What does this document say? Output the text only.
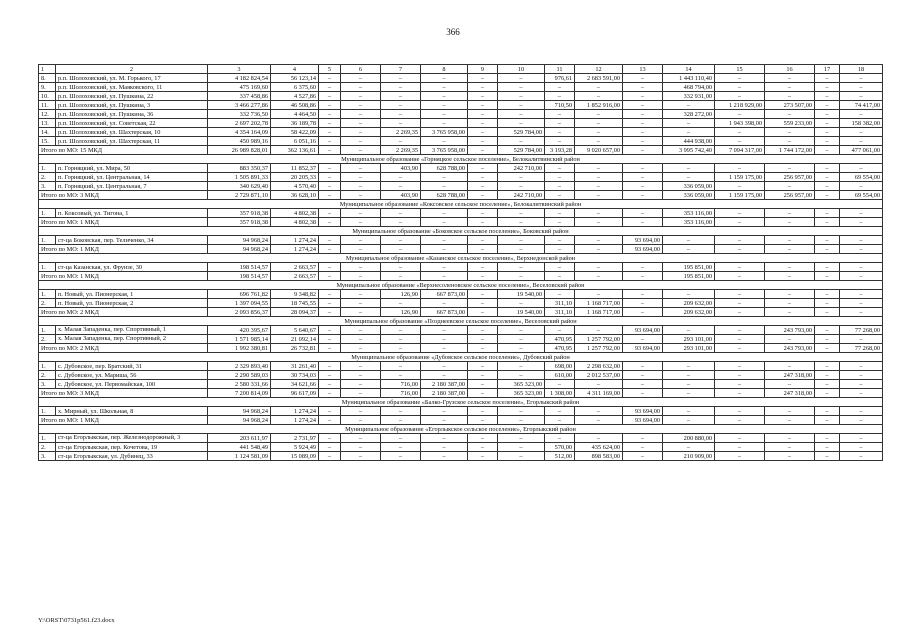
366
1	2	3	4	5	6	7	8	9	10	11	12	13	14	15	16	17	18
8.	р.п. Шолоховский, ул. М. Горького, 17	4 182 824,54	56 123,14	–	–	–	–	–	–	976,61	2 683 591,00	–	1 443 110,40	–	–	–	–
9.	р.п. Шолоховский, ул. Маяковского, 11	475 169,60	6 375,60	–	–	–	–	–	–	–	–	–	468 794,00	–	–	–	–
10.	р.п. Шолоховский, ул. Пушкина, 22	337 458,86	4 527,86	–	–	–	–	–	–	–	–	–	332 931,00	–	–	–	–
11.	р.п. Шолоховский, ул. Пушкина, 3	3 466 277,86	46 508,86	–	–	–	–	–	–	710,50	1 852 916,00	–	–	1 218 929,00	273 507,00	–	74 417,00
12.	р.п. Шолоховский, ул. Пушкина, 36	332 736,50	4 464,50	–	–	–	–	–	–	–	–	–	328 272,00	–	–	–	–
13.	р.п. Шолоховский, ул. Советская, 22	2 697 202,78	36 189,78	–	–	–	–	–	–	–	–	–	–	1 943 398,00	559 233,00	–	158 382,00
14.	р.п. Шолоховский, ул. Шахтерская, 10	4 354 164,09	58 422,09	–	–	2 269,35	3 765 958,00	–	529 784,00	–	–	–	–	–	–	–	–
15.	р.п. Шолоховский, ул. Шахтерская, 11	450 989,16	6 051,16	–	–	–	–	–	–	–	–	–	444 938,00	–	–	–	–
Итого по МО: 15 МКД		26 989 828,01	362 136,61	–	–	2 269,35	3 765 958,00	–	529 784,00	3 193,28	9 020 657,00	–	3 995 742,40	7 094 317,00	1 744 172,00	–	477 061,00
Муниципальное образование «Горняцкое сельское поселение», Белокалитвинский район																	
1.	п. Горняцкий, ул. Мира, 50	883 350,37	11 852,37	–	–	403,90	628 788,00	–	242 710,00	–	–	–	–	–	–	–	–
2.	п. Горняцкий, ул. Центральная, 14	1 505 891,33	20 205,33	–	–	–	–	–	–	–	–	–	–	1 159 175,00	256 957,00	–	69 554,00
3.	п. Горняцкий, ул. Центральная, 7	340 629,40	4 570,40	–	–	–	–	–	–	–	–	–	336 059,00	–	–	–	–
Итого по МО: 3 МКД		2 729 871,10	36 628,10	–	–	403,90	628 788,00	–	242 710,00	–	–	–	336 059,00	1 159 175,00	256 957,00	–	69 554,00
Муниципальное образование «Коксовское сельское поселение», Белокалитвинский район																	
1.	п. Коксовый, ул. Тигона, 1	357 918,38	4 802,38	–	–	–	–	–	–	–	–	–	353 116,00	–	–	–	–
Итого по МО: 1 МКД		357 918,38	4 802,38	–	–	–	–	–	–	–	–	–	353 116,00	–	–	–	–
Муниципальное образование «Боковское сельское поселение», Боковский район																	
1.	ст-ца Боковская, пер. Теличенко, 34	94 968,24	1 274,24	–	–	–	–	–	–	–	–	93 694,00	–	–	–	–	–
Итого по МО: 1 МКД		94 968,24	1 274,24	–	–	–	–	–	–	–	–	93 694,00	–	–	–	–	–
Муниципальное образование «Казанское сельское поселение», Верхнедонской район																	
1.	ст-ца Казанская, ул. Фрунзе, 30	198 514,57	2 663,57	–	–	–	–	–	–	–	–	–	195 851,00	–	–	–	–
Итого по МО: 1 МКД		198 514,57	2 663,57	–	–	–	–	–	–	–	–	–	195 851,00	–	–	–	–
Муниципальное образование «Верхнесоленовское сельское поселение», Веселовский район																	
1.	п. Новый, ул. Пионерская, 1	696 761,82	9 348,82	–	–	126,90	667 873,00	–	19 540,00	–	–	–	–	–	–	–	–
2.	п. Новый, ул. Пионерская, 2	1 397 094,55	18 745,55	–	–	–	–	–	–	311,10	1 168 717,00	–	209 632,00	–	–	–	–
Итого по МО: 2 МКД		2 093 856,37	28 094,37	–	–	126,90	667 873,00	–	19 540,00	311,10	1 168 717,00	–	209 632,00	–	–	–	–
Муниципальное образование «Позднеевское сельское поселение», Веселовский район																	
1.	х. Малая Западенка, пер. Спортивный, 1	420 395,67	5 640,67	–	–	–	–	–	–	–	–	93 694,00	–	–	243 793,00	–	77 268,00
2.	х. Малая Западенка, пер. Спортивный, 2	1 571 985,14	21 092,14	–	–	–	–	–	–	470,95	1 257 792,00	–	293 101,00	–	–	–	–
Итого по МО: 2 МКД		1 992 380,81	26 732,81	–	–	–	–	–	–	470,95	1 257 792,00	93 694,00	293 101,00	–	243 793,00	–	77 268,00
Муниципальное образование «Дубовское сельское поселение», Дубовский район																	
1.	с. Дубовское, пер. Братский, 31	2 329 893,40	31 261,40	–	–	–	–	–	–	698,00	2 298 632,00	–	–	–	–	–	–
2.	с. Дубовское, ул. Мариша, 56	2 290 589,03	30 734,03	–	–	–	–	–	–	610,00	2 012 537,00	–	–	–	247 318,00	–	–
3.	с. Дубовское, ул. Первомайская, 100	2 580 331,66	34 621,66	–	–	716,00	2 180 387,00	–	365 323,00	–	–	–	–	–	–	–	–
Итого по МО: 3 МКД		7 200 814,09	96 617,09	–	–	716,00	2 180 387,00	–	365 323,00	1 308,00	4 311 169,00	–	–	–	247 318,00	–	–
Муниципальное образование «Балко-Грузское сельское поселение», Егорлыкский район																	
1.	х. Мирный, ул. Школьная, 8	94 968,24	1 274,24	–	–	–	–	–	–	–	–	93 694,00	–	–	–	–	–
Итого по МО: 1 МКД		94 968,24	1 274,24	–	–	–	–	–	–	–	–	93 694,00	–	–	–	–	–
Муниципальное образование «Егорлыкское сельское поселение», Егорлыкский район																	
1.	ст-ца Егорлыкская, пер. Железнодорожный, 3	203 611,97	2 731,97	–	–	–	–	–	–	–	–	–	200 880,00	–	–	–	–
2.	ст-ца Егорлыкская, пер. Кочетова, 19	441 548,49	5 924,49	–	–	–	–	–	–	570,00	435 624,00	–	–	–	–	–	–
3.	ст-ца Егорлыкская, ул. Дубинец, 33	1 124 581,09	15 089,09	–	–	–	–	–	–	512,00	898 583,00	–	210 909,00	–	–	–	–
Y:\ORST\0731p561.f23.docx
